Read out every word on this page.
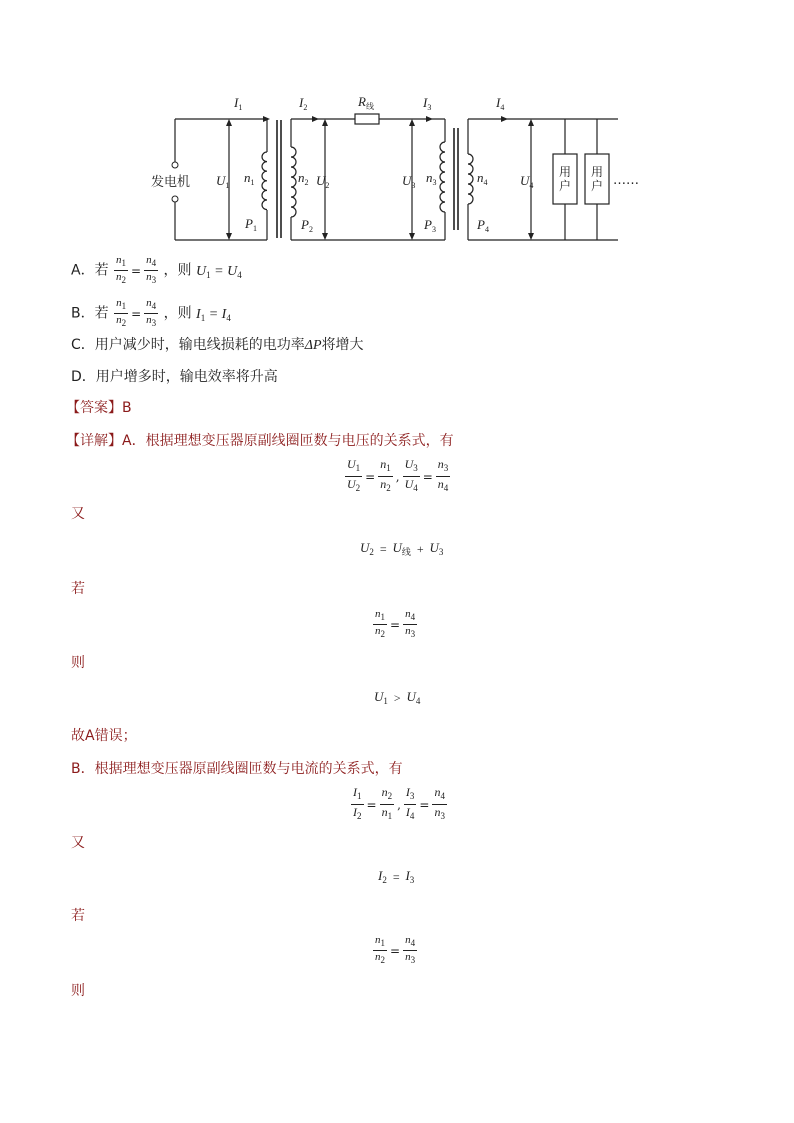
发电机
$I_1$	$I_2$	$I_3$	$I_4$
$R_线$
$U_1$	$U_2$	$U_3$	$U_4$
$n_1$	$n_2$	$n_3$	$n_4$
$P_1$	$P_2$	$P_3$	$P_4$
用
户
用
户 ……
A．若 $\frac{n_1}{n_2} = \frac{n_4}{n_3}$ ，则 $U_1 = U_4$
B．若 $\frac{n_1}{n_2} = \frac{n_4}{n_3}$ ，则 $I_1 = I_4$
C．用户减少时，输电线损耗的电功率ΔP将增大
D．用户增多时，输电效率将升高
【答案】B
【详解】A．根据理想变压器原副线圈匝数与电压的关系式，有
$\frac{U_1}{U_2} = \frac{n_1}{n_2}$ , $\frac{U_3}{U_4} = \frac{n_3}{n_4}$
又
$U_2 = U_线 + U_3$
若
$\frac{n_1}{n_2} = \frac{n_4}{n_3}$
则
$U_1 > U_4$
故A错误；
B．根据理想变压器原副线圈匝数与电流的关系式，有
$\frac{I_1}{I_2} = \frac{n_2}{n_1}$ , $\frac{I_3}{I_4} = \frac{n_4}{n_3}$
又
$I_2 = I_3$
若
$\frac{n_1}{n_2} = \frac{n_4}{n_3}$
则
